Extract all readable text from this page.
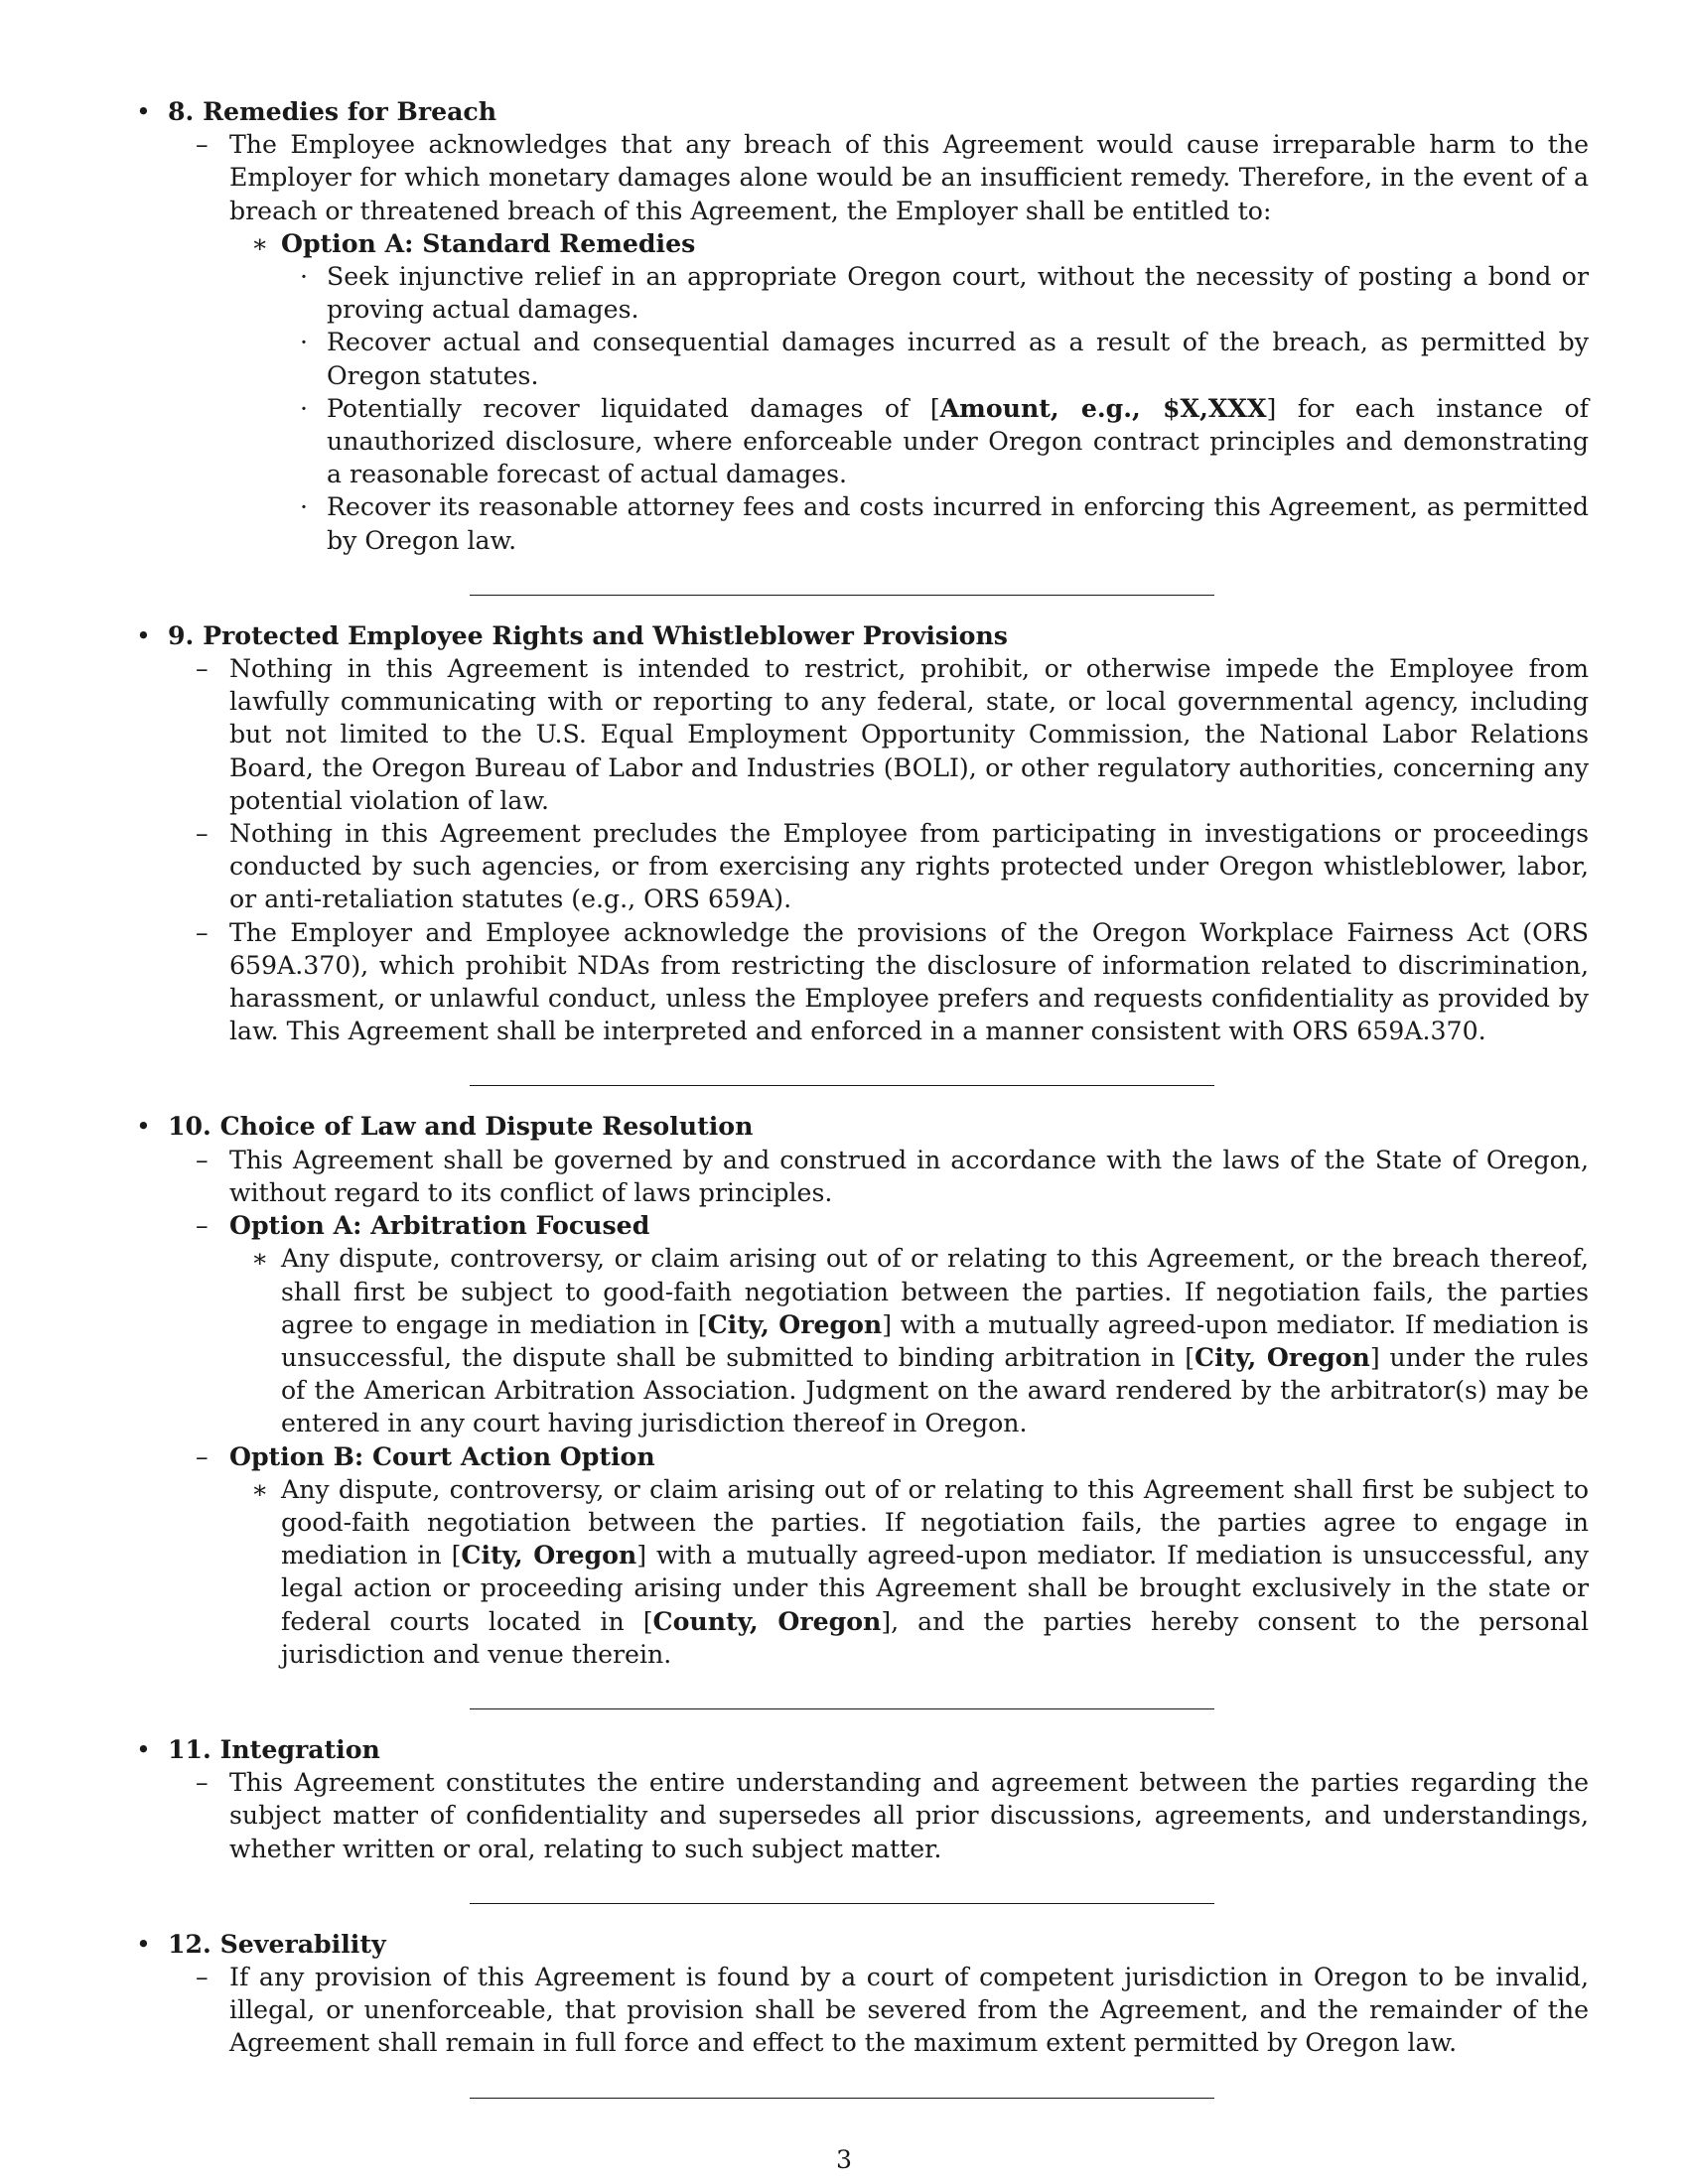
• 8. Remedies for Breach
– The Employee acknowledges that any breach of this Agreement would cause irreparable harm to the Employer for which monetary damages alone would be an insufficient remedy. Therefore, in the event of a breach or threatened breach of this Agreement, the Employer shall be entitled to:
∗ Option A: Standard Remedies
· Seek injunctive relief in an appropriate Oregon court, without the necessity of posting a bond or proving actual damages.
· Recover actual and consequential damages incurred as a result of the breach, as permitted by Oregon statutes.
· Potentially recover liquidated damages of [Amount, e.g., $X,XXX] for each instance of unauthorized disclosure, where enforceable under Oregon contract principles and demonstrating a reasonable forecast of actual damages.
· Recover its reasonable attorney fees and costs incurred in enforcing this Agreement, as permitted by Oregon law.
• 9. Protected Employee Rights and Whistleblower Provisions
– Nothing in this Agreement is intended to restrict, prohibit, or otherwise impede the Employee from lawfully communicating with or reporting to any federal, state, or local governmental agency, including but not limited to the U.S. Equal Employment Opportunity Commission, the National Labor Relations Board, the Oregon Bureau of Labor and Industries (BOLI), or other regulatory authorities, concerning any potential violation of law.
– Nothing in this Agreement precludes the Employee from participating in investigations or proceedings conducted by such agencies, or from exercising any rights protected under Oregon whistleblower, labor, or anti-retaliation statutes (e.g., ORS 659A).
– The Employer and Employee acknowledge the provisions of the Oregon Workplace Fairness Act (ORS 659A.370), which prohibit NDAs from restricting the disclosure of information related to discrimination, harassment, or unlawful conduct, unless the Employee prefers and requests confidentiality as provided by law. This Agreement shall be interpreted and enforced in a manner consistent with ORS 659A.370.
• 10. Choice of Law and Dispute Resolution
– This Agreement shall be governed by and construed in accordance with the laws of the State of Oregon, without regard to its conflict of laws principles.
– Option A: Arbitration Focused
∗ Any dispute, controversy, or claim arising out of or relating to this Agreement, or the breach thereof, shall first be subject to good-faith negotiation between the parties. If negotiation fails, the parties agree to engage in mediation in [City, Oregon] with a mutually agreed-upon mediator. If mediation is unsuccessful, the dispute shall be submitted to binding arbitration in [City, Oregon] under the rules of the American Arbitration Association. Judgment on the award rendered by the arbitrator(s) may be entered in any court having jurisdiction thereof in Oregon.
– Option B: Court Action Option
∗ Any dispute, controversy, or claim arising out of or relating to this Agreement shall first be subject to good-faith negotiation between the parties. If negotiation fails, the parties agree to engage in mediation in [City, Oregon] with a mutually agreed-upon mediator. If mediation is unsuccessful, any legal action or proceeding arising under this Agreement shall be brought exclusively in the state or federal courts located in [County, Oregon], and the parties hereby consent to the personal jurisdiction and venue therein.
• 11. Integration
– This Agreement constitutes the entire understanding and agreement between the parties regarding the subject matter of confidentiality and supersedes all prior discussions, agreements, and understandings, whether written or oral, relating to such subject matter.
• 12. Severability
– If any provision of this Agreement is found by a court of competent jurisdiction in Oregon to be invalid, illegal, or unenforceable, that provision shall be severed from the Agreement, and the remainder of the Agreement shall remain in full force and effect to the maximum extent permitted by Oregon law.
3
